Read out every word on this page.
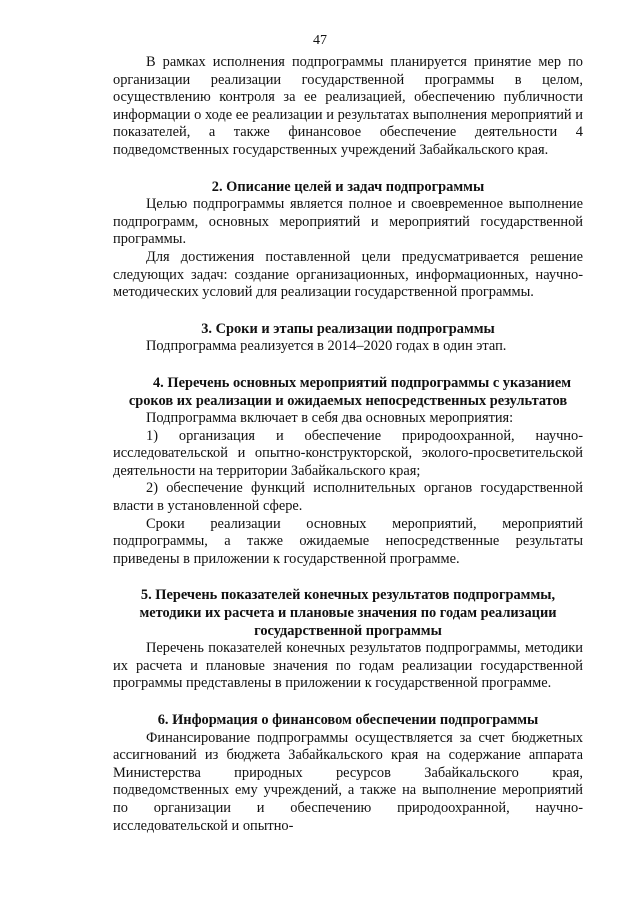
47

В рамках исполнения подпрограммы планируется принятие мер по организации реализации государственной программы в целом, осуществлению контроля за ее реализацией, обеспечению публичности информации о ходе ее реализации и результатах выполнения мероприятий и показателей, а также финансовое обеспечение деятельности 4 подведомственных государственных учреждений Забайкальского края.

2. Описание целей и задач подпрограммы

Целью подпрограммы является полное и своевременное выполнение подпрограмм, основных мероприятий и мероприятий государственной программы.

Для достижения поставленной цели предусматривается решение следующих задач: создание организационных, информационных, научно-методических условий для реализации государственной программы.

3. Сроки и этапы реализации подпрограммы

Подпрограмма реализуется в 2014–2020 годах в один этап.

4. Перечень основных мероприятий подпрограммы с указанием сроков их реализации и ожидаемых непосредственных результатов

Подпрограмма включает в себя два основных мероприятия:

1) организация и обеспечение природоохранной, научно-исследовательской и опытно-конструкторской, эколого-просветительской деятельности на территории Забайкальского края;

2) обеспечение функций исполнительных органов государственной власти в установленной сфере.

Сроки реализации основных мероприятий, мероприятий подпрограммы, а также ожидаемые непосредственные результаты приведены в приложении к государственной программе.

5. Перечень показателей конечных результатов подпрограммы, методики их расчета и плановые значения по годам реализации государственной программы

Перечень показателей конечных результатов подпрограммы, методики их расчета и плановые значения по годам реализации государственной программы представлены в приложении к государственной программе.

6. Информация о финансовом обеспечении подпрограммы

Финансирование подпрограммы осуществляется за счет бюджетных ассигнований из бюджета Забайкальского края на содержание аппарата Министерства природных ресурсов Забайкальского края, подведомственных ему учреждений, а также на выполнение мероприятий по организации и обеспечению природоохранной, научно-исследовательской и опытно-
